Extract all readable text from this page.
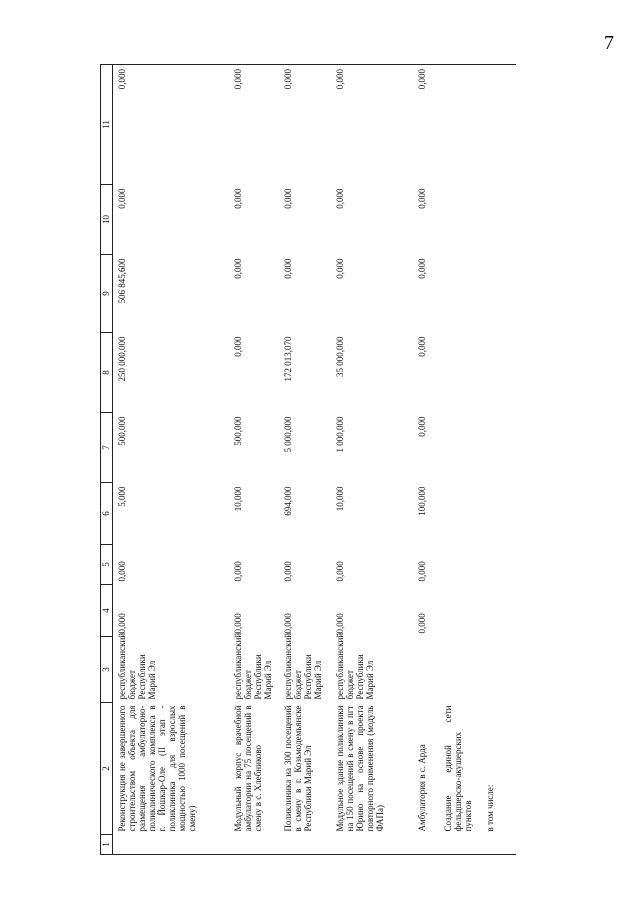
7
1	2	3	4	5	6	7	8	9	10	11
	Реконструкция не завершенного строительством объекта для размещения амбулаторно-поликлинического комплекса в г. Йошкар-Оле (II этап - поликлиника для взрослых мощностью 1000 посещений в смену)	республиканский бюджет Республики Марий Эл	0,000	0,000	5,000	500,000	250 000,000	506 845,600	0,000	0,000
	Модульный корпус врачебной амбулатории на 75 посещений в смену в с. Хлебниково	республиканский бюджет Республики Марий Эл	0,000	0,000	10,000	500,000	0,000	0,000	0,000	0,000
	Поликлиника на 300 посещений в смену в г. Козьмодемьянске Республики Марий Эл	республиканский бюджет Республики Марий Эл	0,000	0,000	694,000	5 000,000	172 013,070	0,000	0,000	0,000
	Модульное здание поликлиники на 150 посещений в смену в пгт Юрино на основе проекта повторного применения (модуль ФАПа)	республиканский бюджет Республики Марий Эл	0,000	0,000	10,000	1 000,000	35 000,000	0,000	0,000	0,000
	Амбулатория в с. Арда		0,000	0,000	100,000	0,000	0,000	0,000	0,000	0,000
	Создание единой сети фельдшерско-акушерских пунктов									
	в том числе:									
